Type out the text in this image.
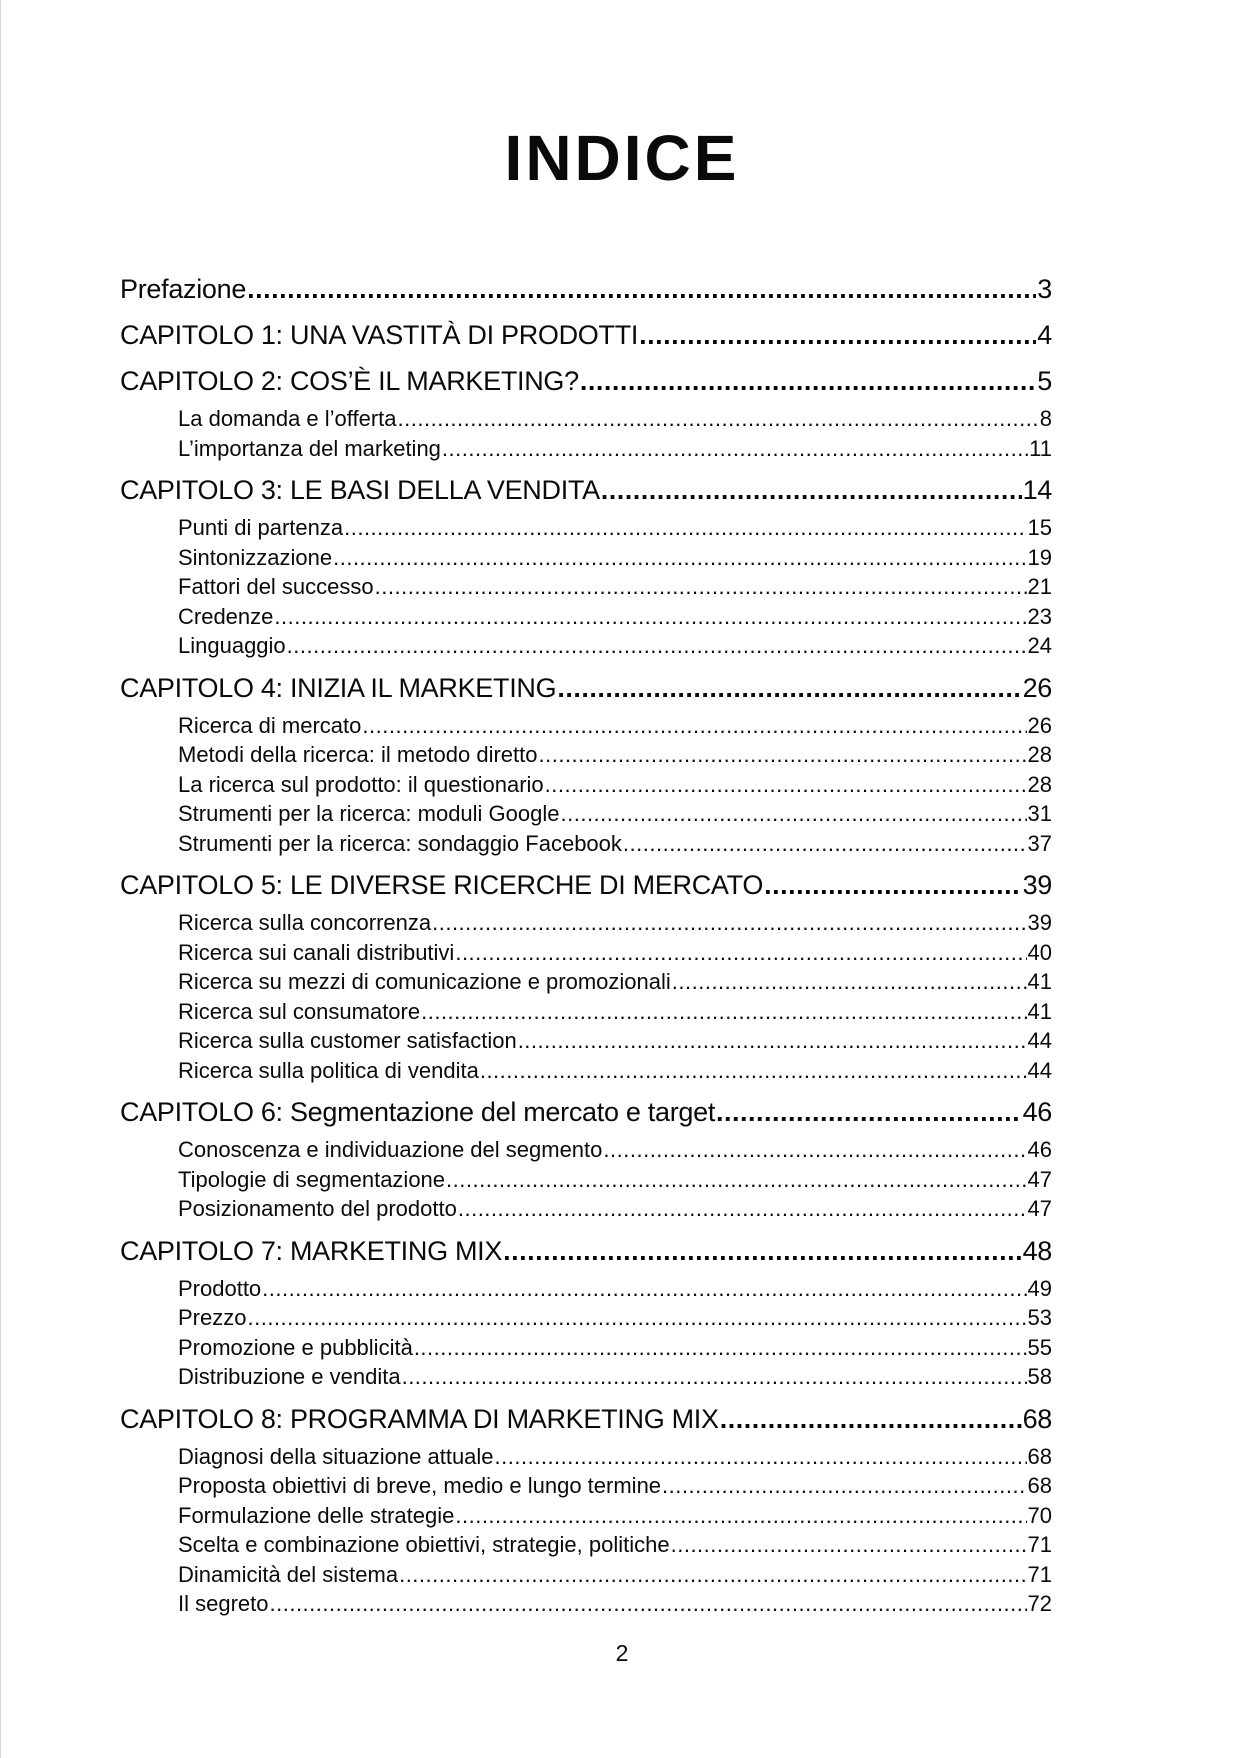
INDICE
Prefazione .....	3
CAPITOLO 1: UNA VASTITÀ DI PRODOTTI .....	4
CAPITOLO 2: COS’È IL MARKETING? .....	5
La domanda e l’offerta .....	8
L’importanza del marketing .....	11
CAPITOLO 3: LE BASI DELLA VENDITA .....	14
Punti di partenza .....	15
Sintonizzazione .....	19
Fattori del successo .....	21
Credenze .....	23
Linguaggio .....	24
CAPITOLO 4: INIZIA IL MARKETING .....	26
Ricerca di mercato .....	26
Metodi della ricerca: il metodo diretto .....	28
La ricerca sul prodotto: il questionario .....	28
Strumenti per la ricerca: moduli Google .....	31
Strumenti per la ricerca: sondaggio Facebook .....	37
CAPITOLO 5: LE DIVERSE RICERCHE DI MERCATO .....	39
Ricerca sulla concorrenza .....	39
Ricerca sui canali distributivi .....	40
Ricerca su mezzi di comunicazione e promozionali .....	41
Ricerca sul consumatore .....	41
Ricerca sulla customer satisfaction .....	44
Ricerca sulla politica di vendita .....	44
CAPITOLO 6: Segmentazione del mercato e target .....	46
Conoscenza e individuazione del segmento .....	46
Tipologie di segmentazione .....	47
Posizionamento del prodotto .....	47
CAPITOLO 7: MARKETING MIX .....	48
Prodotto .....	49
Prezzo .....	53
Promozione e pubblicità .....	55
Distribuzione e vendita .....	58
CAPITOLO 8: PROGRAMMA DI MARKETING MIX .....	68
Diagnosi della situazione attuale .....	68
Proposta obiettivi di breve, medio e lungo termine .....	68
Formulazione delle strategie .....	70
Scelta e combinazione obiettivi, strategie, politiche .....	71
Dinamicità del sistema .....	71
Il segreto .....	72
2
